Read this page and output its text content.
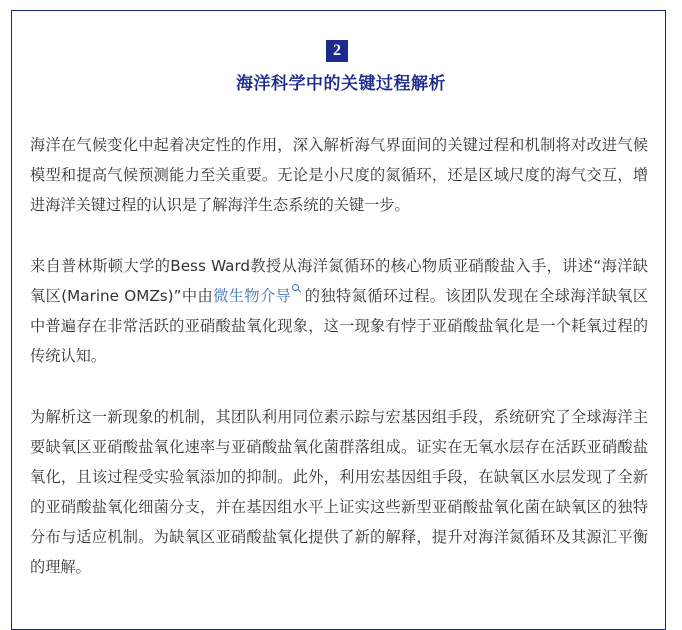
2
海洋科学中的关键过程解析

海洋在气候变化中起着决定性的作用，深入解析海气界面间的关键过程和机制将对改进气候模型和提高气候预测能力至关重要。无论是小尺度的氮循环，还是区域尺度的海气交互，增进海洋关键过程的认识是了解海洋生态系统的关键一步。

来自普林斯顿大学的Bess Ward教授从海洋氮循环的核心物质亚硝酸盐入手，讲述“海洋缺氧区(Marine OMZs)”中由微生物介导 的独特氮循环过程。该团队发现在全球海洋缺氧区中普遍存在非常活跃的亚硝酸盐氧化现象，这一现象有悖于亚硝酸盐氧化是一个耗氧过程的传统认知。

为解析这一新现象的机制，其团队利用同位素示踪与宏基因组手段，系统研究了全球海洋主要缺氧区亚硝酸盐氧化速率与亚硝酸盐氧化菌群落组成。证实在无氧水层存在活跃亚硝酸盐氧化，且该过程受实验氧添加的抑制。此外，利用宏基因组手段，在缺氧区水层发现了全新的亚硝酸盐氧化细菌分支，并在基因组水平上证实这些新型亚硝酸盐氧化菌在缺氧区的独特分布与适应机制。为缺氧区亚硝酸盐氧化提供了新的解释，提升对海洋氮循环及其源汇平衡的理解。
